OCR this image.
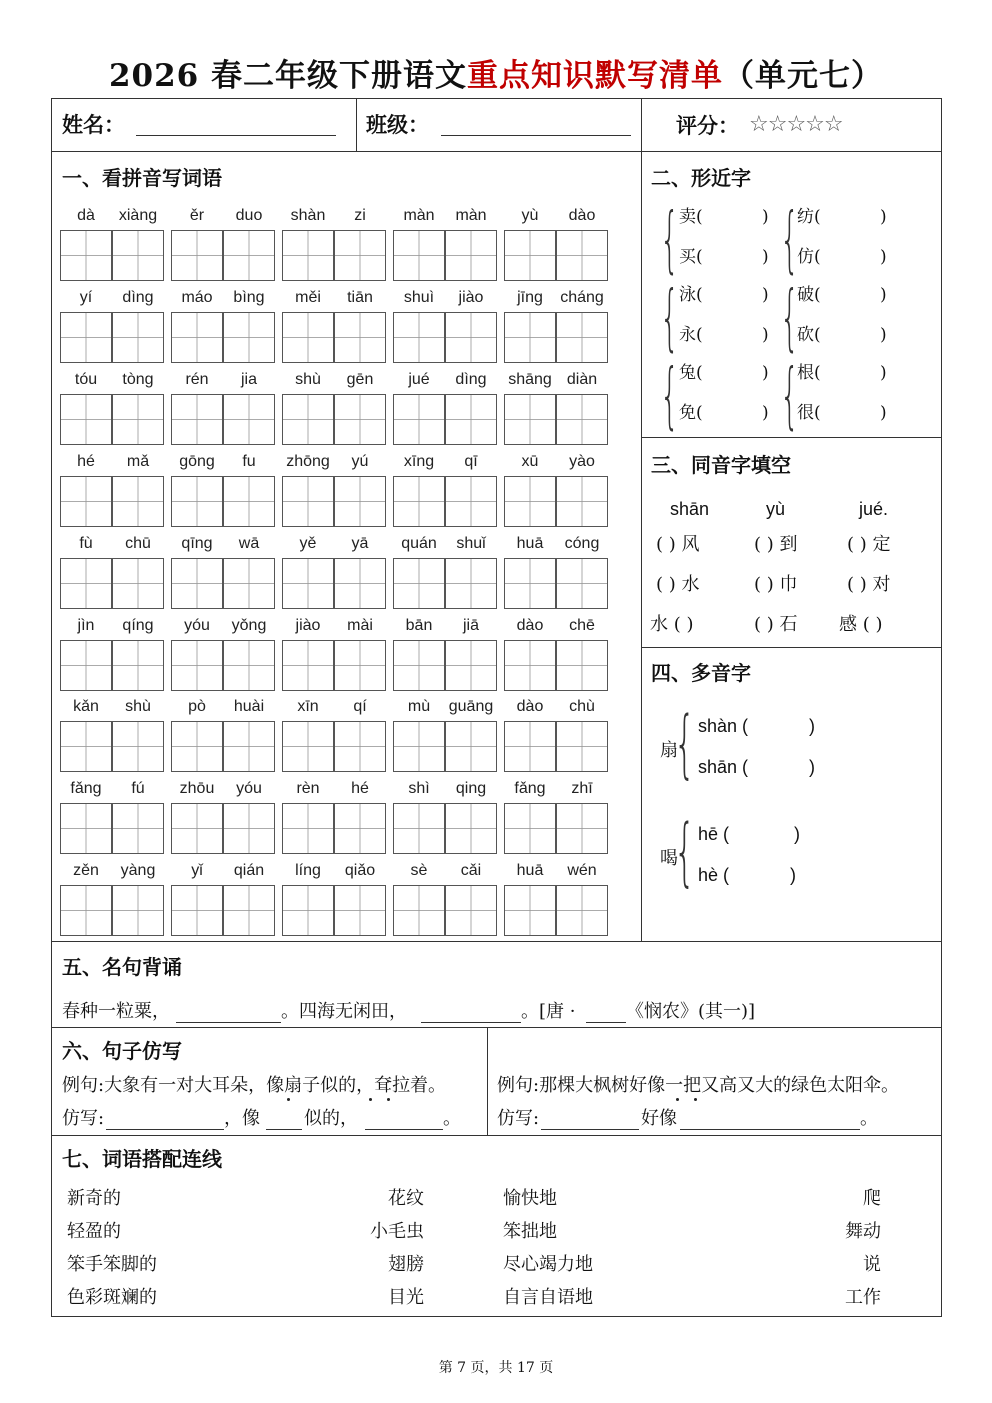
2026 春二年级下册语文重点知识默写清单（单元七）
姓名：	班级：	评分： ☆☆☆☆☆
一、看拼音写词语
dà	xiàng	ěr	duo	shàn	zi	màn	màn	yù	dào
yí	dìng	máo	bìng	měi	tiān	shuì	jiào	jīng	cháng
tóu	tòng	rén	jia	shù	gēn	jué	dìng	shāng diàn
hé	mǎ	gōng	fu	zhōng	yú	xīng	qī	xū	yào
fù	chū	qīng	wā	yě	yā	quán	shuǐ	huā	cóng
jìn	qíng	yóu	yǒng	jiào	mài	bān	jiā	dào	chē
kǎn	shù	pò	huài	xīn	qí	mù	guāng	dào	chù
fǎng	fú	zhōu	yóu	rèn	hé	shì	qing	fǎng	zhī
zěn	yàng	yǐ	qián	líng	qiǎo	sè	cǎi	huā	wén
二、形近字
{ {
卖(	) 纺(	)
买(	) 仿(	)
{ {
泳(	) 破(	)
永(	) 砍(	)
{ {
兔(	) 根(	)
免(	) 很(	)
三、同音字填空
shān	yù	jué.
( ) 风	( ) 到	( ) 定
( ) 水	( ) 巾	( ) 对
水 ( )	( ) 石 感 ( )
四、多音字
扇
{ shàn (	)
shān (	)
喝
{ hē (	)
hè (	)
五、名句背诵
春种一粒粟，	。四海无闲田，	。[唐 ·	《悯农》(其一)]
六、句子仿写
例句:大象有一对大耳朵，像扇子似的，耷拉着。
仿写:	，像 似的，	。
例句:那棵大枫树好像一把又高又大的绿色太阳伞。
仿写:	好像	。
七、词语搭配连线
新奇的	花纹	愉快地	爬
轻盈的	小毛虫	笨拙地	舞动
笨手笨脚的	翅膀	尽心竭力地	说
色彩斑斓的	目光	自言自语地	工作
第 7 页，共 17 页
